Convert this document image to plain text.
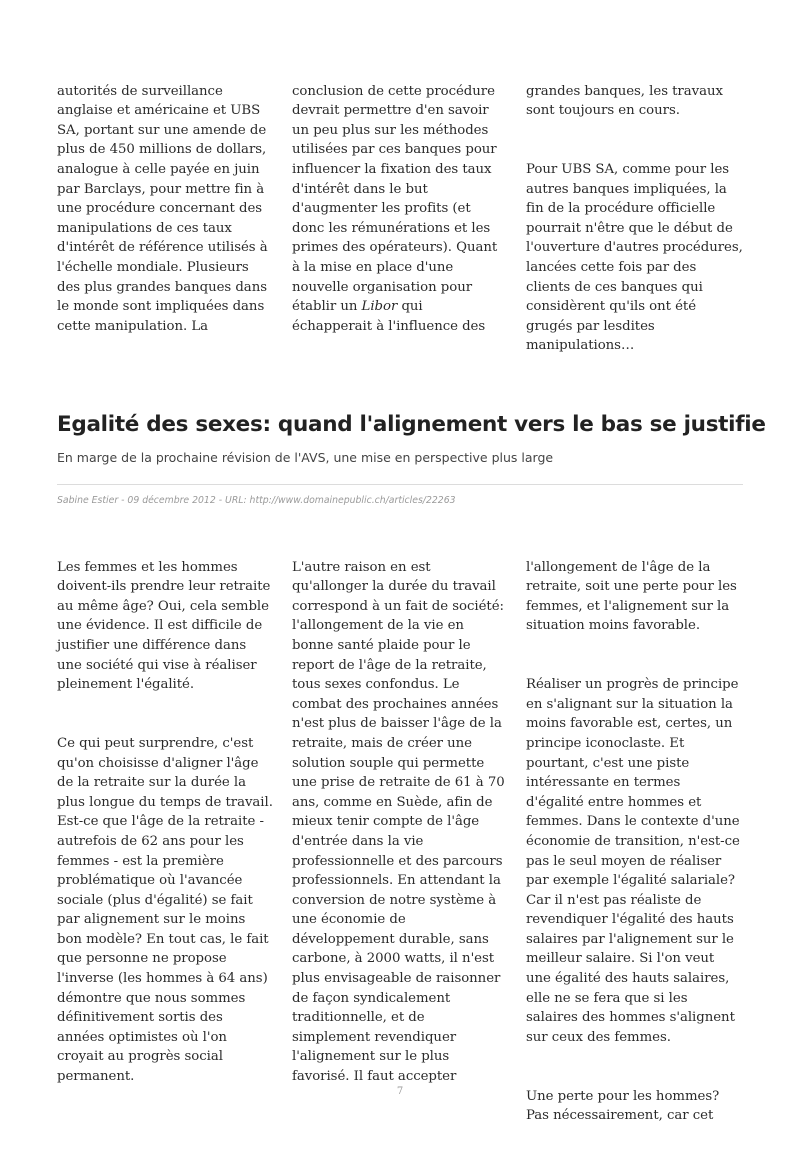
autorités de surveillance
anglaise et américaine et UBS
SA, portant sur une amende de
plus de 450 millions de dollars,
analogue à celle payée en juin
par Barclays, pour mettre fin à
une procédure concernant des
manipulations de ces taux
d'intérêt de référence utilisés à
l'échelle mondiale. Plusieurs
des plus grandes banques dans
le monde sont impliquées dans
cette manipulation. La

conclusion de cette procédure
devrait permettre d'en savoir
un peu plus sur les méthodes
utilisées par ces banques pour
influencer la fixation des taux
d'intérêt dans le but
d'augmenter les profits (et
donc les rémunérations et les
primes des opérateurs). Quant
à la mise en place d'une
nouvelle organisation pour
établir un Libor qui
échapperait à l'influence des

grandes banques, les travaux
sont toujours en cours.

Pour UBS SA, comme pour les
autres banques impliquées, la
fin de la procédure officielle
pourrait n'être que le début de
l'ouverture d'autres procédures,
lancées cette fois par des
clients de ces banques qui
considèrent qu'ils ont été
grugés par lesdites
manipulations…

Egalité des sexes: quand l'alignement vers le bas se justifie

En marge de la prochaine révision de l'AVS, une mise en perspective plus large

Sabine Estier - 09 décembre 2012 - URL: http://www.domainepublic.ch/articles/22263

Les femmes et les hommes
doivent-ils prendre leur retraite
au même âge? Oui, cela semble
une évidence. Il est difficile de
justifier une différence dans
une société qui vise à réaliser
pleinement l'égalité.

Ce qui peut surprendre, c'est
qu'on choisisse d'aligner l'âge
de la retraite sur la durée la
plus longue du temps de travail.
Est-ce que l'âge de la retraite -
autrefois de 62 ans pour les
femmes - est la première
problématique où l'avancée
sociale (plus d'égalité) se fait
par alignement sur le moins
bon modèle? En tout cas, le fait
que personne ne propose
l'inverse (les hommes à 64 ans)
démontre que nous sommes
définitivement sortis des
années optimistes où l'on
croyait au progrès social
permanent.

L'autre raison en est
qu'allonger la durée du travail
correspond à un fait de société:
l'allongement de la vie en
bonne santé plaide pour le
report de l'âge de la retraite,
tous sexes confondus. Le
combat des prochaines années
n'est plus de baisser l'âge de la
retraite, mais de créer une
solution souple qui permette
une prise de retraite de 61 à 70
ans, comme en Suède, afin de
mieux tenir compte de l'âge
d'entrée dans la vie
professionnelle et des parcours
professionnels. En attendant la
conversion de notre système à
une économie de
développement durable, sans
carbone, à 2000 watts, il n'est
plus envisageable de raisonner
de façon syndicalement
traditionnelle, et de
simplement revendiquer
l'alignement sur le plus
favorisé. Il faut accepter

l'allongement de l'âge de la
retraite, soit une perte pour les
femmes, et l'alignement sur la
situation moins favorable.

Réaliser un progrès de principe
en s'alignant sur la situation la
moins favorable est, certes, un
principe iconoclaste. Et
pourtant, c'est une piste
intéressante en termes
d'égalité entre hommes et
femmes. Dans le contexte d'une
économie de transition, n'est-ce
pas le seul moyen de réaliser
par exemple l'égalité salariale?
Car il n'est pas réaliste de
revendiquer l'égalité des hauts
salaires par l'alignement sur le
meilleur salaire. Si l'on veut
une égalité des hauts salaires,
elle ne se fera que si les
salaires des hommes s'alignent
sur ceux des femmes.

Une perte pour les hommes?
Pas nécessairement, car cet

7
